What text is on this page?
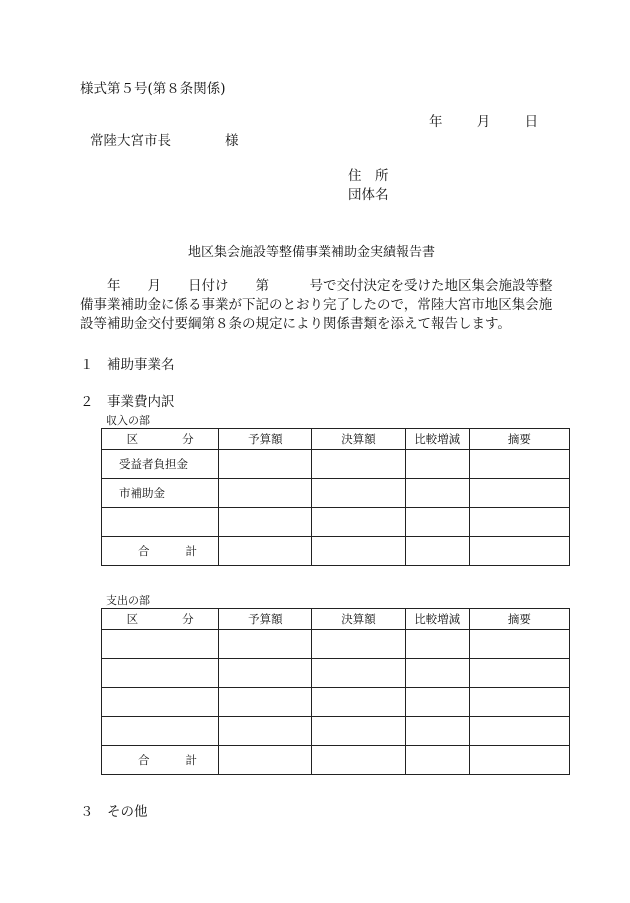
様式第５号(第８条関係)
年	月	日
常陸大宮市長	様
住　所
団体名
地区集会施設等整備事業補助金実績報告書
　　年　　月　　日付け　　第　　　号で交付決定を受けた地区集会施設等整
備事業補助金に係る事業が下記のとおり完了したので，常陸大宮市地区集会施
設等補助金交付要綱第８条の規定により関係書類を添えて報告します。
１　補助事業名
２　事業費内訳
収入の部
区 分	予算額	決算額	比較増減	摘要
受益者負担金				
市補助金				

合 計				
支出の部
区 分	予算額	決算額	比較増減	摘要

合 計				
３　その他
